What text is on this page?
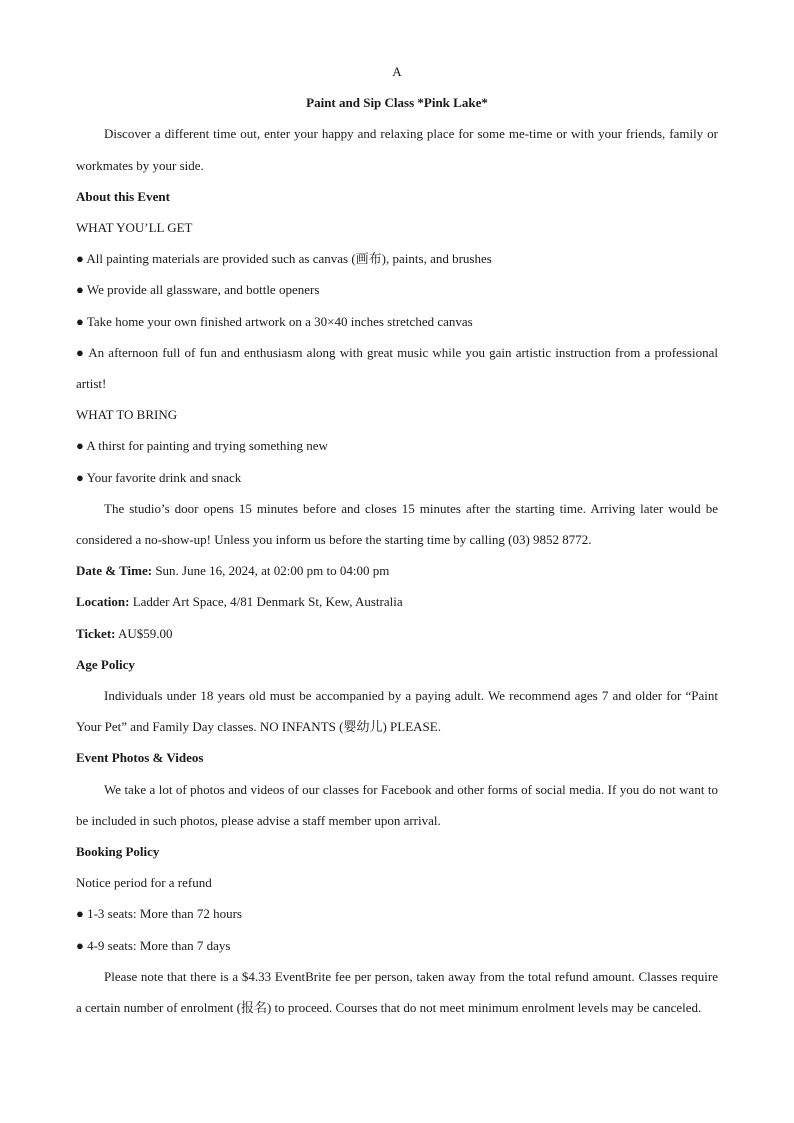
A

Paint and Sip Class *Pink Lake*

Discover a different time out, enter your happy and relaxing place for some me-time or with your friends, family or workmates by your side.

About this Event

WHAT YOU’LL GET

● All painting materials are provided such as canvas (画布), paints, and brushes

● We provide all glassware, and bottle openers

● Take home your own finished artwork on a 30×40 inches stretched canvas

● An afternoon full of fun and enthusiasm along with great music while you gain artistic instruction from a professional artist!

WHAT TO BRING

● A thirst for painting and trying something new

● Your favorite drink and snack

The studio’s door opens 15 minutes before and closes 15 minutes after the starting time. Arriving later would be considered a no-show-up! Unless you inform us before the starting time by calling (03) 9852 8772.

Date & Time: Sun. June 16, 2024, at 02:00 pm to 04:00 pm

Location: Ladder Art Space, 4/81 Denmark St, Kew, Australia

Ticket: AU$59.00

Age Policy

Individuals under 18 years old must be accompanied by a paying adult. We recommend ages 7 and older for “Paint Your Pet” and Family Day classes. NO INFANTS (婴幼儿) PLEASE.

Event Photos & Videos

We take a lot of photos and videos of our classes for Facebook and other forms of social media. If you do not want to be included in such photos, please advise a staff member upon arrival.

Booking Policy

Notice period for a refund

● 1-3 seats: More than 72 hours

● 4-9 seats: More than 7 days

Please note that there is a $4.33 EventBrite fee per person, taken away from the total refund amount. Classes require a certain number of enrolment (报名) to proceed. Courses that do not meet minimum enrolment levels may be canceled.
